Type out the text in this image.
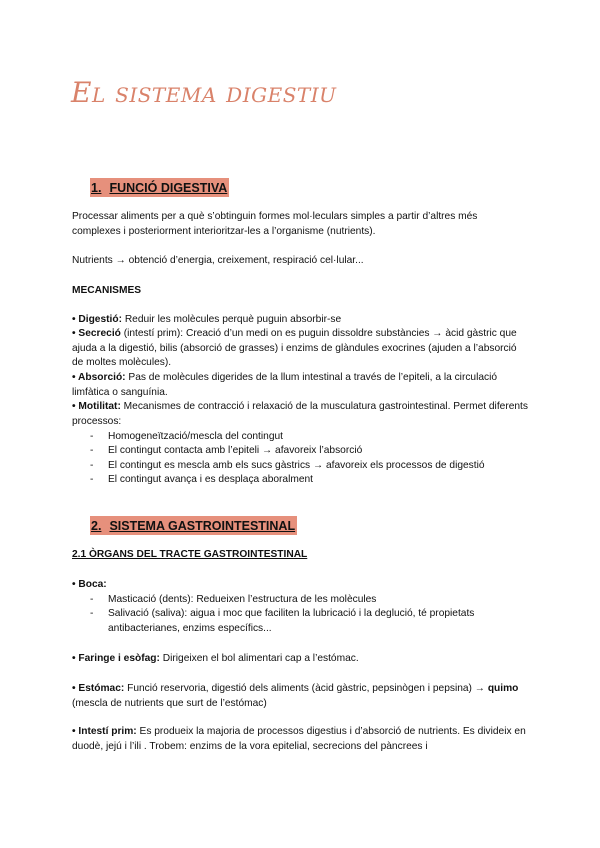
El sistema digestiu
1. FUNCIÓ DIGESTIVA
Processar aliments per a què s’obtinguin formes mol·leculars simples a partir d’altres més complexes i posteriorment interioritzar-les a l’organisme (nutrients).
Nutrients → obtenció d’energia, creixement, respiració cel·lular...
MECANISMES
• Digestió: Reduir les molècules perquè puguin absorbir-se
• Secreció (intestí prim): Creació d’un medi on es puguin dissoldre substàncies → àcid gàstric que ajuda a la digestió, bilis (absorció de grasses) i enzims de glàndules exocrines (ajuden a l’absorció de moltes molècules).
• Absorció: Pas de molècules digerides de la llum intestinal a través de l’epiteli, a la circulació limfàtica o sanguínia.
• Motilitat: Mecanismes de contracció i relaxació de la musculatura gastrointestinal. Permet diferents processos:
-	Homogeneïtzació/mescla del contingut
-	El contingut contacta amb l’epiteli → afavoreix l’absorció
-	El contingut es mescla amb els sucs gàstrics → afavoreix els processos de digestió
-	El contingut avança i es desplaça aboralment
2. SISTEMA GASTROINTESTINAL
2.1 ÒRGANS DEL TRACTE GASTROINTESTINAL
• Boca:
-	Masticació (dents): Redueixen l’estructura de les molècules
-	Salivació (saliva): aigua i moc que faciliten la lubricació i la deglució, té propietats antibacterianes, enzims específics...
• Faringe i esòfag: Dirigeixen el bol alimentari cap a l’estómac.
• Estómac: Funció reservoria, digestió dels aliments (àcid gàstric, pepsinògen i pepsina) → quimo (mescla de nutrients que surt de l’estómac)
• Intestí prim: Es produeix la majoria de processos digestius i d’absorció de nutrients. Es divideix en duodè, jejú i l’ili . Trobem: enzims de la vora epitelial, secrecions del pàncrees i
